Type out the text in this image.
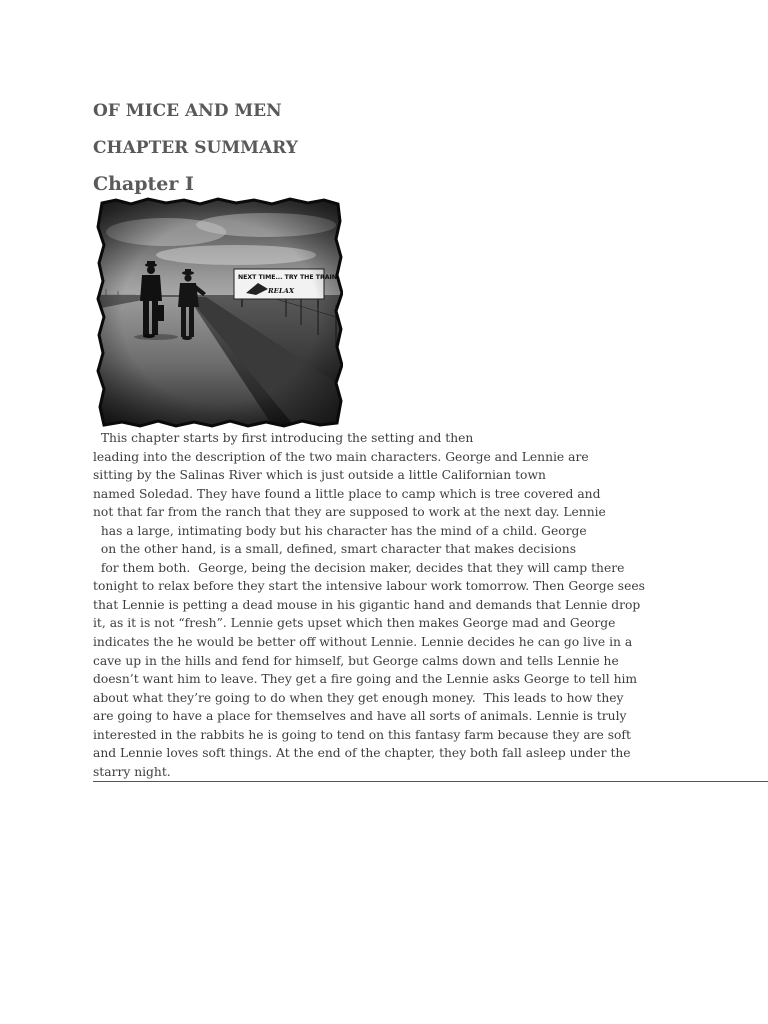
OF MICE AND MEN
CHAPTER SUMMARY
Chapter I
This chapter starts by first introducing the setting and then
leading into the description of the two main characters. George and Lennie are
sitting by the Salinas River which is just outside a little Californian town
named Soledad. They have found a little place to camp which is tree covered and
not that far from the ranch that they are supposed to work at the next day. Lennie
has a large, intimating body but his character has the mind of a child. George
on the other hand, is a small, defined, smart character that makes decisions
for them both.  George, being the decision maker, decides that they will camp there
tonight to relax before they start the intensive labour work tomorrow. Then George sees
that Lennie is petting a dead mouse in his gigantic hand and demands that Lennie drop
it, as it is not “fresh”. Lennie gets upset which then makes George mad and George
indicates the he would be better off without Lennie. Lennie decides he can go live in a
cave up in the hills and fend for himself, but George calms down and tells Lennie he
doesn’t want him to leave. They get a fire going and the Lennie asks George to tell him
about what they’re going to do when they get enough money.  This leads to how they
are going to have a place for themselves and have all sorts of animals. Lennie is truly
interested in the rabbits he is going to tend on this fantasy farm because they are soft
and Lennie loves soft things. At the end of the chapter, they both fall asleep under the
starry night.
